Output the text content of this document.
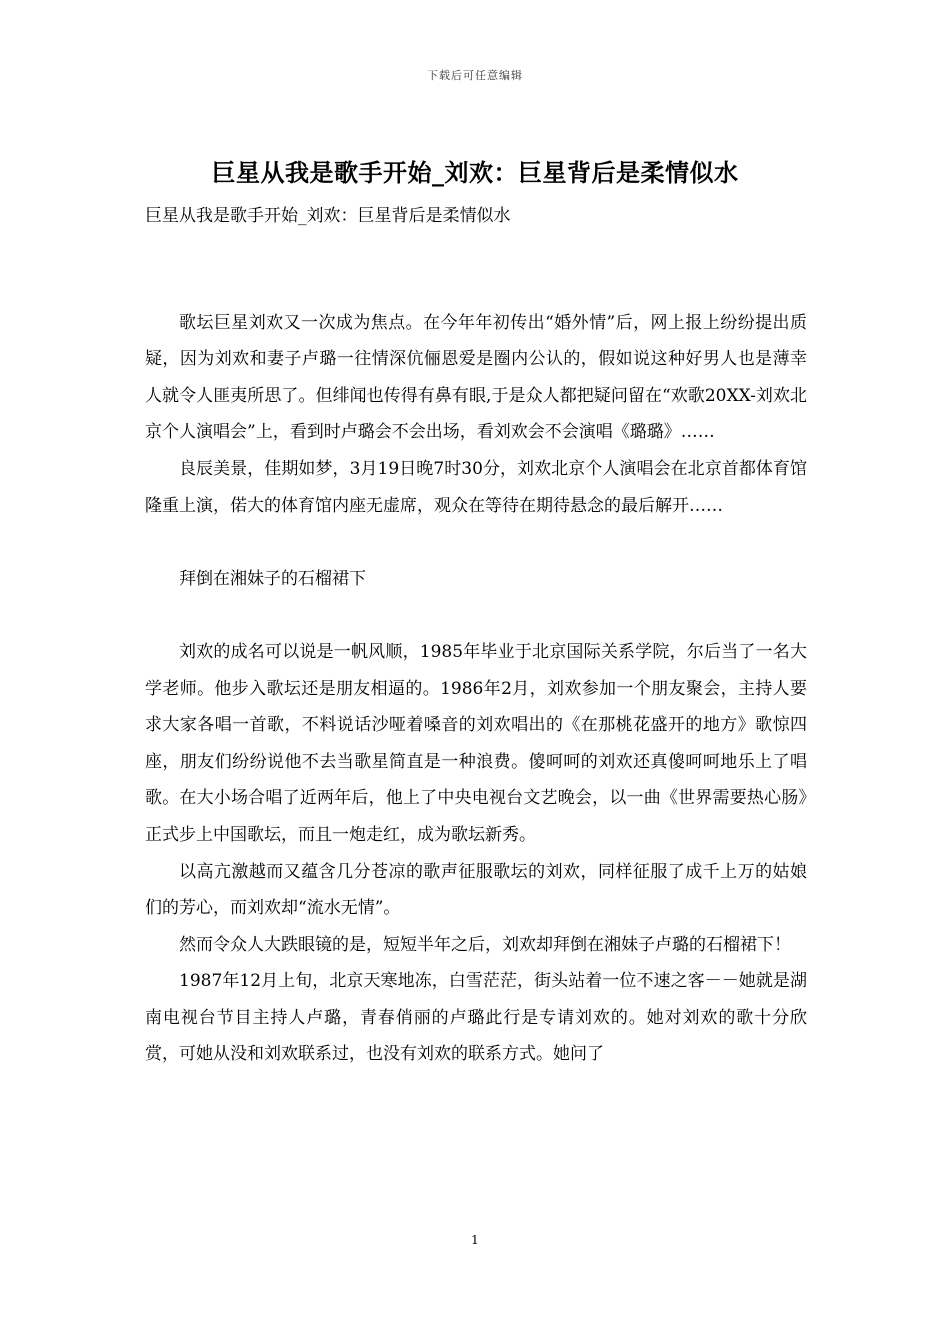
下载后可任意编辑
巨星从我是歌手开始_刘欢：巨星背后是柔情似水
巨星从我是歌手开始_刘欢：巨星背后是柔情似水

歌坛巨星刘欢又一次成为焦点。在今年年初传出“婚外情”后，网上报上纷纷提出质疑，因为刘欢和妻子卢璐一往情深伉俪恩爱是圈内公认的，假如说这种好男人也是薄幸人就令人匪夷所思了。但绯闻也传得有鼻有眼,于是众人都把疑问留在“欢歌20XX-刘欢北京个人演唱会”上，看到时卢璐会不会出场，看刘欢会不会演唱《璐璐》……

良辰美景，佳期如梦，3月19日晚7时30分，刘欢北京个人演唱会在北京首都体育馆隆重上演，偌大的体育馆内座无虚席，观众在等待在期待悬念的最后解开……

拜倒在湘妹子的石榴裙下

刘欢的成名可以说是一帆风顺，1985年毕业于北京国际关系学院，尔后当了一名大学老师。他步入歌坛还是朋友相逼的。1986年2月，刘欢参加一个朋友聚会，主持人要求大家各唱一首歌，不料说话沙哑着嗓音的刘欢唱出的《在那桃花盛开的地方》歌惊四座，朋友们纷纷说他不去当歌星简直是一种浪费。傻呵呵的刘欢还真傻呵呵地乐上了唱歌。在大小场合唱了近两年后，他上了中央电视台文艺晚会，以一曲《世界需要热心肠》正式步上中国歌坛，而且一炮走红，成为歌坛新秀。

以高亢激越而又蕴含几分苍凉的歌声征服歌坛的刘欢，同样征服了成千上万的姑娘们的芳心，而刘欢却“流水无情”。

然而令众人大跌眼镜的是，短短半年之后，刘欢却拜倒在湘妹子卢璐的石榴裙下！

1987年12月上旬，北京天寒地冻，白雪茫茫，街头站着一位不速之客－－她就是湖南电视台节目主持人卢璐，青春俏丽的卢璐此行是专请刘欢的。她对刘欢的歌十分欣赏，可她从没和刘欢联系过，也没有刘欢的联系方式。她问了

1
